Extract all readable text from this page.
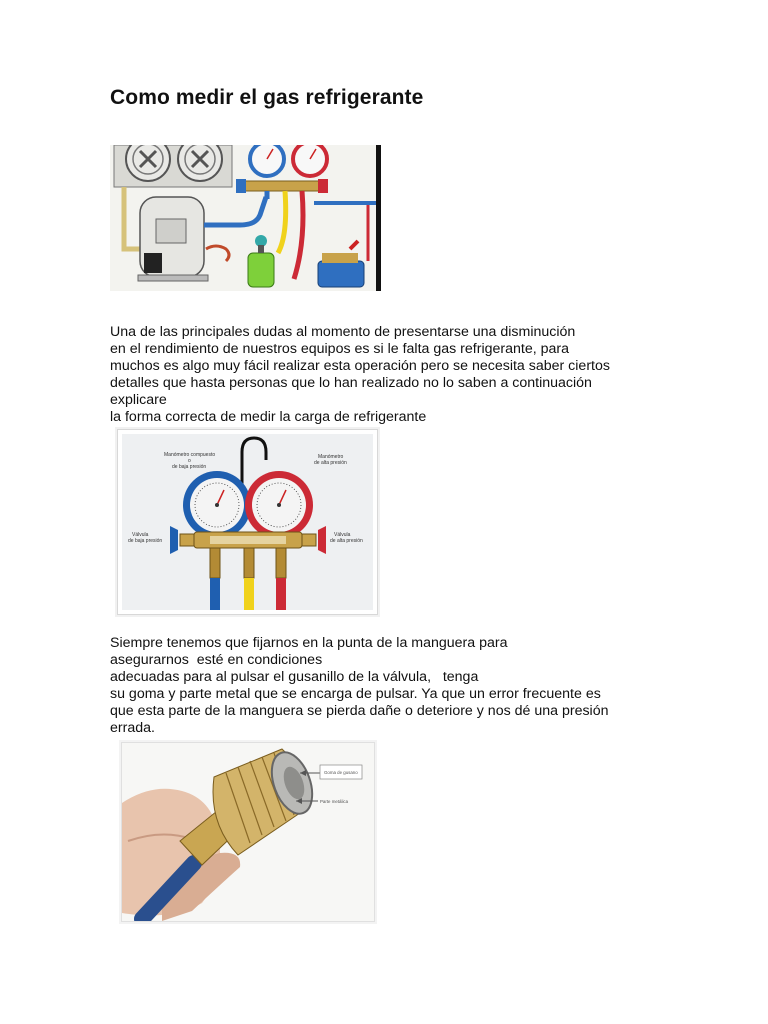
Como medir el gas refrigerante
Una de las principales dudas al momento de presentarse una disminución
en el rendimiento de nuestros equipos es si le falta gas refrigerante, para
muchos es algo muy fácil realizar esta operación pero se necesita saber ciertos
detalles que hasta personas que lo han realizado no lo saben a continuación
explicare
la forma correcta de medir la carga de refrigerante
Manómetro compuesto
o
de baja presión
Manómetro
de alta presión
Válvula
de baja presión
Válvula
de alta presión
Siempre tenemos que fijarnos en la punta de la manguera para
asegurarnos  esté en condiciones
adecuadas para al pulsar el gusanillo de la válvula,   tenga
su goma y parte metal que se encarga de pulsar. Ya que un error frecuente es
que esta parte de la manguera se pierda dañe o deteriore y nos dé una presión
errada.
Goma de gusano
Parte metálica
